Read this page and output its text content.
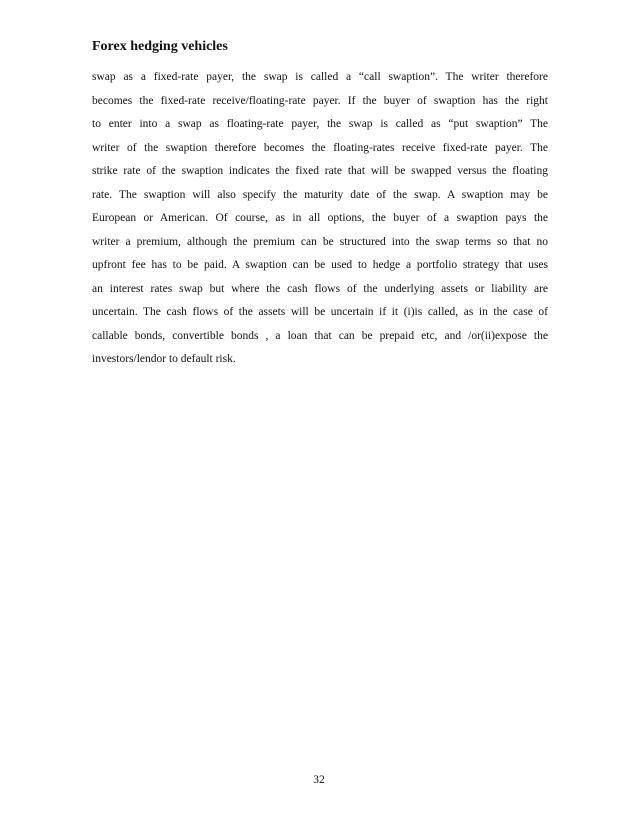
Forex hedging vehicles
swap as a fixed-rate payer, the swap is called a “call swaption”. The writer therefore
becomes the fixed-rate receive/floating-rate payer. If the buyer of swaption has the right
to enter into a swap as floating-rate payer, the swap is called as “put swaption” The
writer of the swaption therefore becomes the floating-rates receive fixed-rate payer. The
strike rate of the swaption indicates the fixed rate that will be swapped versus the floating
rate. The swaption will also specify the maturity date of the swap. A swaption may be
European or American. Of course, as in all options, the buyer of a swaption pays the
writer a premium, although the premium can be structured into the swap terms so that no
upfront fee has to be paid. A swaption can be used to hedge a portfolio strategy that uses
an interest rates swap but where the cash flows of the underlying assets or liability are
uncertain. The cash flows of the assets will be uncertain if it (i)is called, as in the case of
callable bonds, convertible bonds , a loan that can be prepaid etc, and /or(ii)expose the
investors/lendor to default risk.
32
